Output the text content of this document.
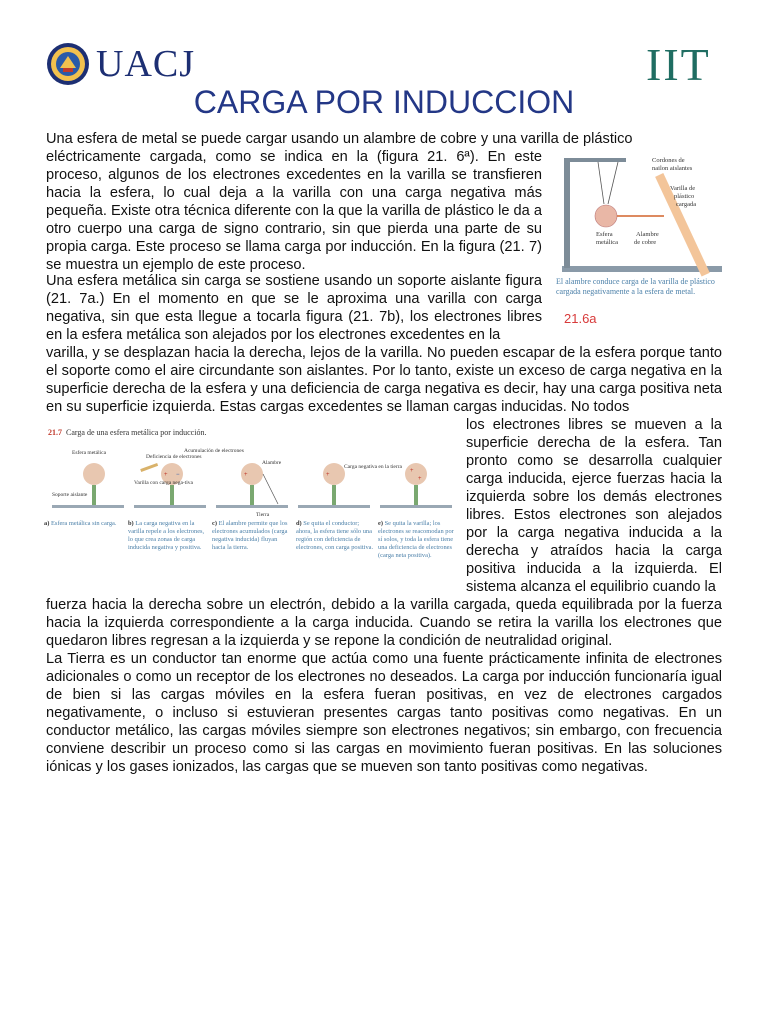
UACJ	IIT
CARGA POR INDUCCION

Una esfera de metal se puede cargar usando un alambre de cobre y una varilla de plástico

eléctricamente cargada, como se indica en la (figura 21. 6ª). En este proceso, algunos de los electrones excedentes en la varilla se transfieren hacia la esfera, lo cual deja a la varilla con una carga negativa más pequeña. Existe otra técnica diferente con la que la varilla de plástico le da a otro cuerpo una carga de signo contrario, sin que pierda una parte de su propia carga. Este proceso se llama carga por inducción. En la figura (21. 7) se muestra un ejemplo de este proceso.

Cordones de
nailon aislantes
Varilla de
plástico
cargada
Esfera
metálica
Alambre
de cobre
El alambre conduce carga de la varilla de plástico cargada negativamente a la esfera de metal.
21.6a

Una esfera metálica sin carga se sostiene usando un soporte aislante figura (21. 7a.) En el momento en que se le aproxima una varilla con carga negativa, sin que esta llegue a tocarla figura (21. 7b), los electrones libres en la esfera metálica son alejados por los electrones excedentes en la

varilla, y se desplazan hacia la derecha, lejos de la varilla. No pueden escapar de la esfera porque tanto el soporte como el aire circundante son aislantes. Por lo tanto, existe un exceso de carga negativa en la superficie derecha de la esfera y una deficiencia de carga negativa es decir, hay una carga positiva neta en su superficie izquierda. Estas cargas excedentes se llaman cargas inducidas. No todos

21.7 Carga de una esfera metálica por inducción.
Esfera metálica
Soporte aislante
+ −
Acumulación de electrones
Varilla con carga nega-tiva
Deficiencia de electrones
+
Alambre
Tierra
+
Carga negativa en la tierra
+
+
a) Esfera metálica sin carga.	b) La carga negativa en la varilla repele a los electrones, lo que crea zonas de carga inducida negativa y positiva.
c) El alambre permite que los electrones acumulados (carga negativa inducida) fluyan hacia la tierra.
d) Se quita el conductor; ahora, la esfera tiene sólo una región con deficiencia de electrones, con carga positiva.
e) Se quita la varilla; los electrones se reacomodan por sí solos, y toda la esfera tiene una deficiencia de electrones (carga neta positiva).

los electrones libres se mueven a la superficie derecha de la esfera. Tan pronto como se desarrolla cualquier carga inducida, ejerce fuerzas hacia la izquierda sobre los demás electrones libres. Estos electrones son alejados por la carga negativa inducida a la derecha y atraídos hacia la carga positiva inducida a la izquierda. El sistema alcanza el equilibrio cuando la

fuerza hacia la derecha sobre un electrón, debido a la varilla cargada, queda equilibrada por la fuerza hacia la izquierda correspondiente a la carga inducida. Cuando se retira la varilla los electrones que quedaron libres regresan a la izquierda y se repone la condición de neutralidad original.

La Tierra es un conductor tan enorme que actúa como una fuente prácticamente infinita de electrones adicionales o como un receptor de los electrones no deseados. La carga por inducción funcionaría igual de bien si las cargas móviles en la esfera fueran positivas, en vez de electrones cargados negativamente, o incluso si estuvieran presentes cargas tanto positivas como negativas. En un conductor metálico, las cargas móviles siempre son electrones negativos; sin embargo, con frecuencia conviene describir un proceso como si las cargas en movimiento fueran positivas. En las soluciones iónicas y los gases ionizados, las cargas que se mueven son tanto positivas como negativas.
